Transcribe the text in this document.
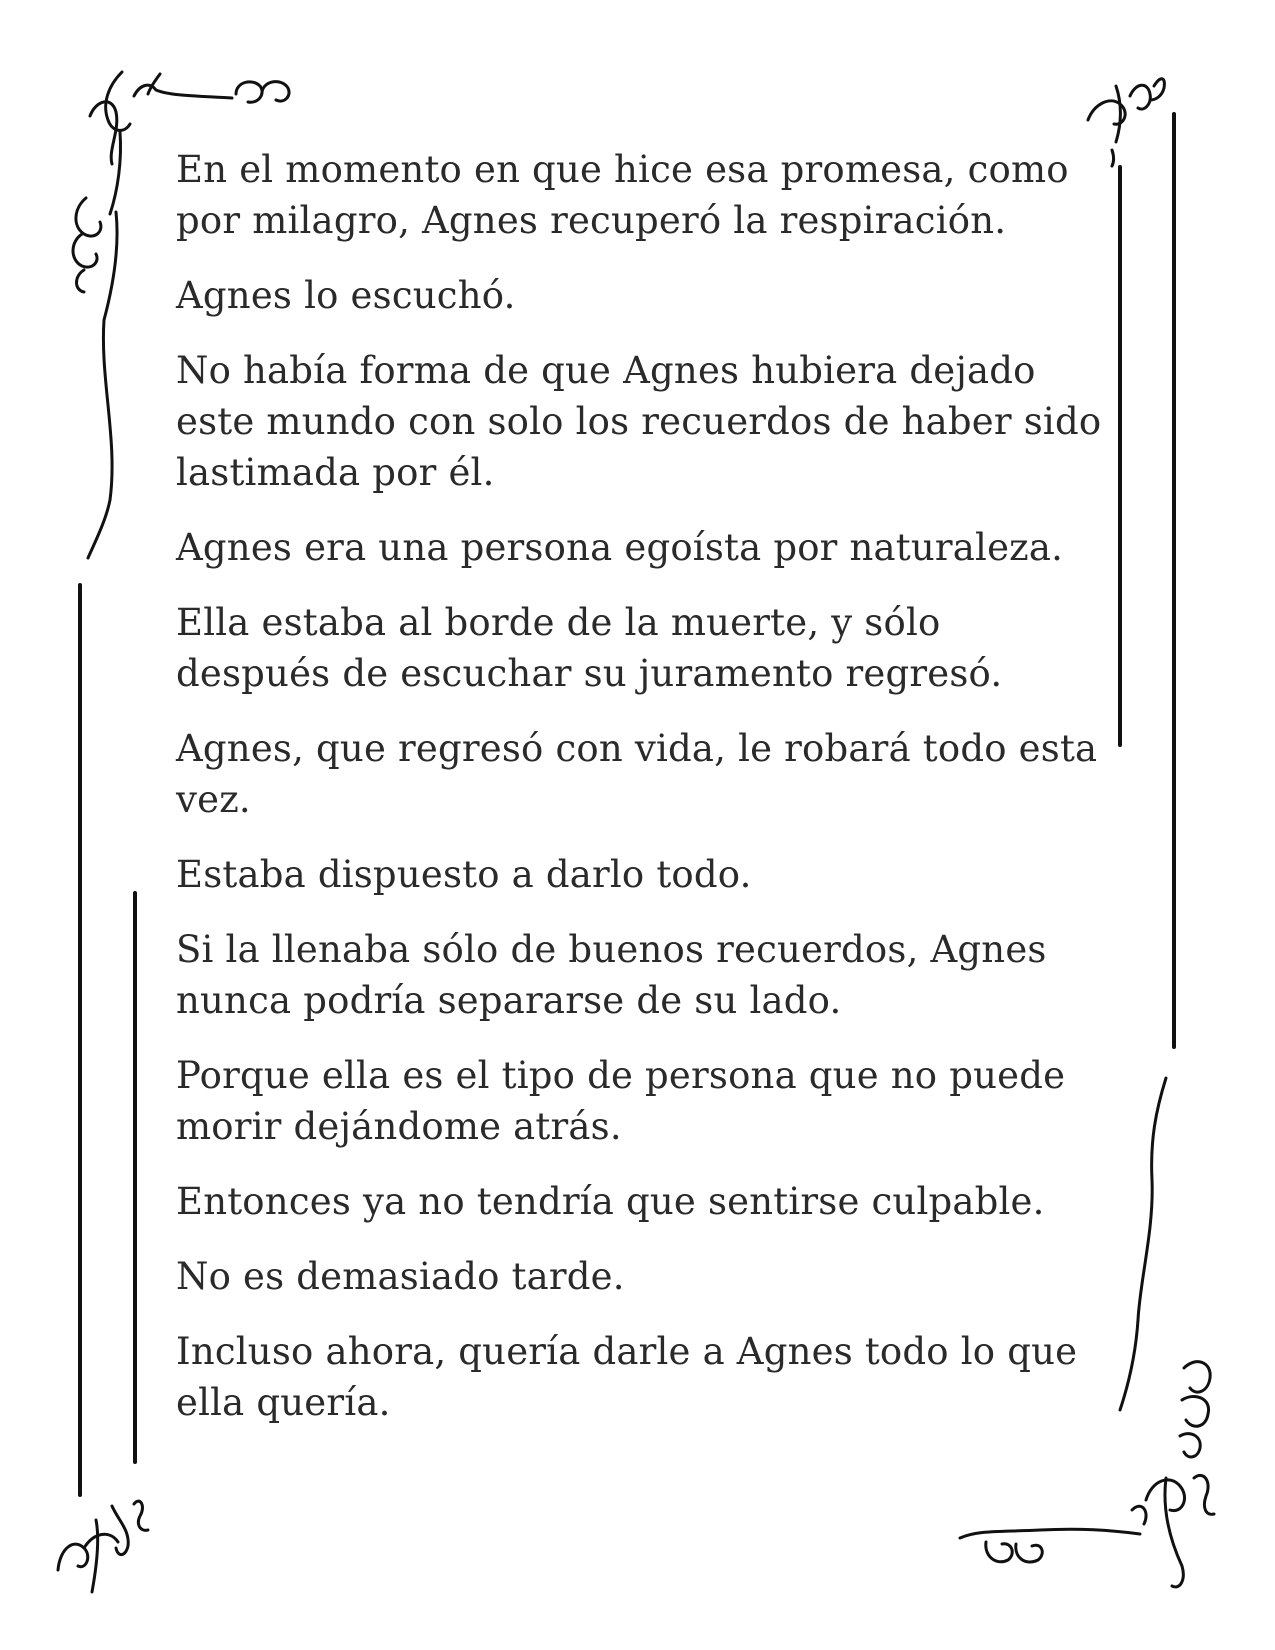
En el momento en que hice esa promesa, como por milagro, Agnes recuperó la respiración.

Agnes lo escuchó.

No había forma de que Agnes hubiera dejado este mundo con solo los recuerdos de haber sido lastimada por él.

Agnes era una persona egoísta por naturaleza.

Ella estaba al borde de la muerte, y sólo después de escuchar su juramento regresó.

Agnes, que regresó con vida, le robará todo esta vez.

Estaba dispuesto a darlo todo.

Si la llenaba sólo de buenos recuerdos, Agnes nunca podría separarse de su lado.

Porque ella es el tipo de persona que no puede morir dejándome atrás.

Entonces ya no tendría que sentirse culpable.

No es demasiado tarde.

Incluso ahora, quería darle a Agnes todo lo que ella quería.
